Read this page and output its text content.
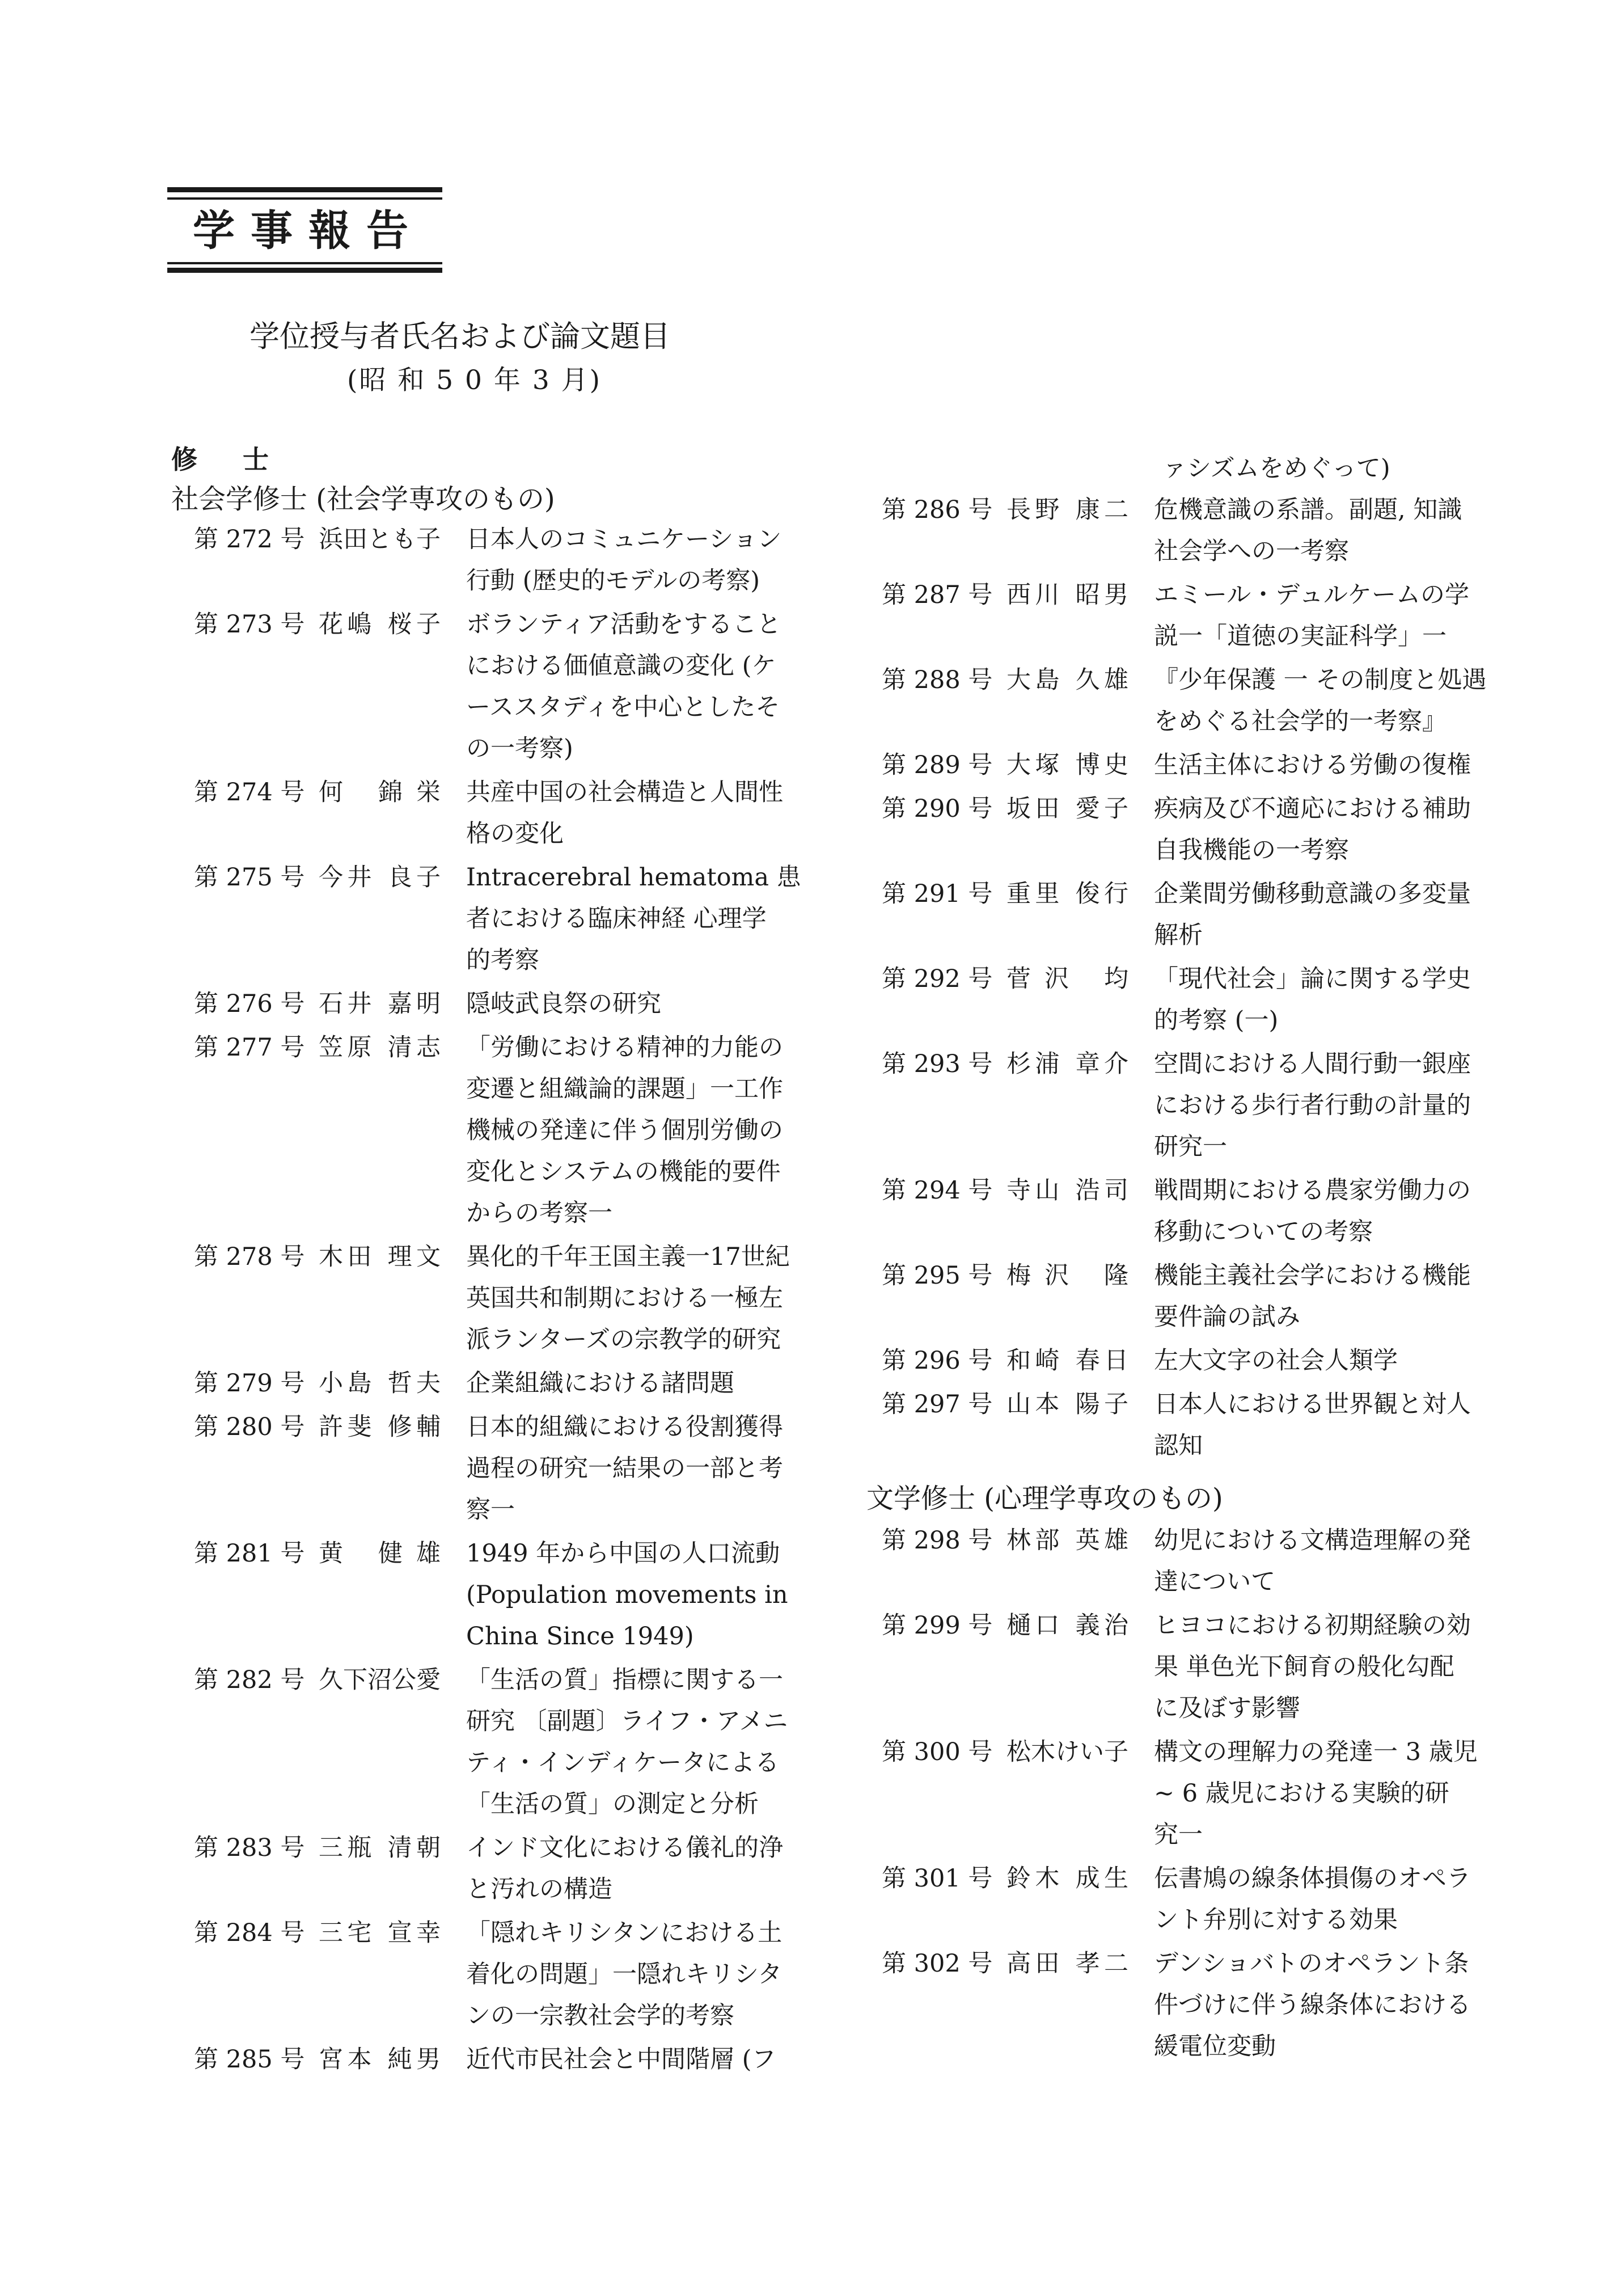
学事報告
学位授与者氏名および論文題目
(昭 和 5 0 年 3 月)
修 士
社会学修士 (社会学専攻のもの)
第 272 号 浜田とも子 日本人のコミュニケーション
行動 (歴史的モデルの考察)
第 273 号 花嶋 桜子 ボランティア活動をすること
における価値意識の変化 (ケ
ーススタディを中心としたそ
の一考察)
第 274 号 何 錦栄 共産中国の社会構造と人間性
格の変化
第 275 号 今井 良子 Intracerebral hematoma 患
者における臨床神経 心理学
的考察
第 276 号 石井 嘉明 隠岐武良祭の研究
第 277 号 笠原 清志 「労働における精神的力能の
変遷と組織論的課題」一工作
機械の発達に伴う個別労働の
変化とシステムの機能的要件
からの考察一
第 278 号 木田 理文 異化的千年王国主義一17世紀
英国共和制期における一極左
派ランターズの宗教学的研究
第 279 号 小島 哲夫 企業組織における諸問題
第 280 号 許斐 修輔 日本的組織における役割獲得
過程の研究一結果の一部と考
察一
第 281 号 黄 健雄 1949 年から中国の人口流動
(Population movements in
China Since 1949)
第 282 号 久下沼公愛 「生活の質」指標に関する一
研究 〔副題〕ライフ・アメニ
ティ・インディケータによる
「生活の質」の測定と分析
第 283 号 三瓶 清朝 インド文化における儀礼的浄
と汚れの構造
第 284 号 三宅 宣幸 「隠れキリシタンにおける土
着化の問題」一隠れキリシタ
ンの一宗教社会学的考察
第 285 号 宮本 純男 近代市民社会と中間階層 (フ
ァシズムをめぐって)
第 286 号 長野 康二 危機意識の系譜。副題, 知識
社会学への一考察
第 287 号 西川 昭男 エミール・デュルケームの学
説一「道徳の実証科学」一
第 288 号 大島 久雄 『少年保護 一 その制度と処遇
をめぐる社会学的一考察』
第 289 号 大塚 博史 生活主体における労働の復権
第 290 号 坂田 愛子 疾病及び不適応における補助
自我機能の一考察
第 291 号 重里 俊行 企業間労働移動意識の多変量
解析
第 292 号 菅沢 均 「現代社会」論に関する学史
的考察 (一)
第 293 号 杉浦 章介 空間における人間行動一銀座
における歩行者行動の計量的
研究一
第 294 号 寺山 浩司 戦間期における農家労働力の
移動についての考察
第 295 号 梅沢 隆 機能主義社会学における機能
要件論の試み
第 296 号 和崎 春日 左大文字の社会人類学
第 297 号 山本 陽子 日本人における世界観と対人
認知
文学修士 (心理学専攻のもの)
第 298 号 林部 英雄 幼児における文構造理解の発
達について
第 299 号 樋口 義治 ヒヨコにおける初期経験の効
果 単色光下飼育の般化勾配
に及ぼす影響
第 300 号 松木けい子 構文の理解力の発達一 3 歳児
~ 6 歳児における実験的研
究一
第 301 号 鈴木 成生 伝書鳩の線条体損傷のオペラ
ント弁別に対する効果
第 302 号 高田 孝二 デンショバトのオペラント条
件づけに伴う線条体における
緩電位変動
